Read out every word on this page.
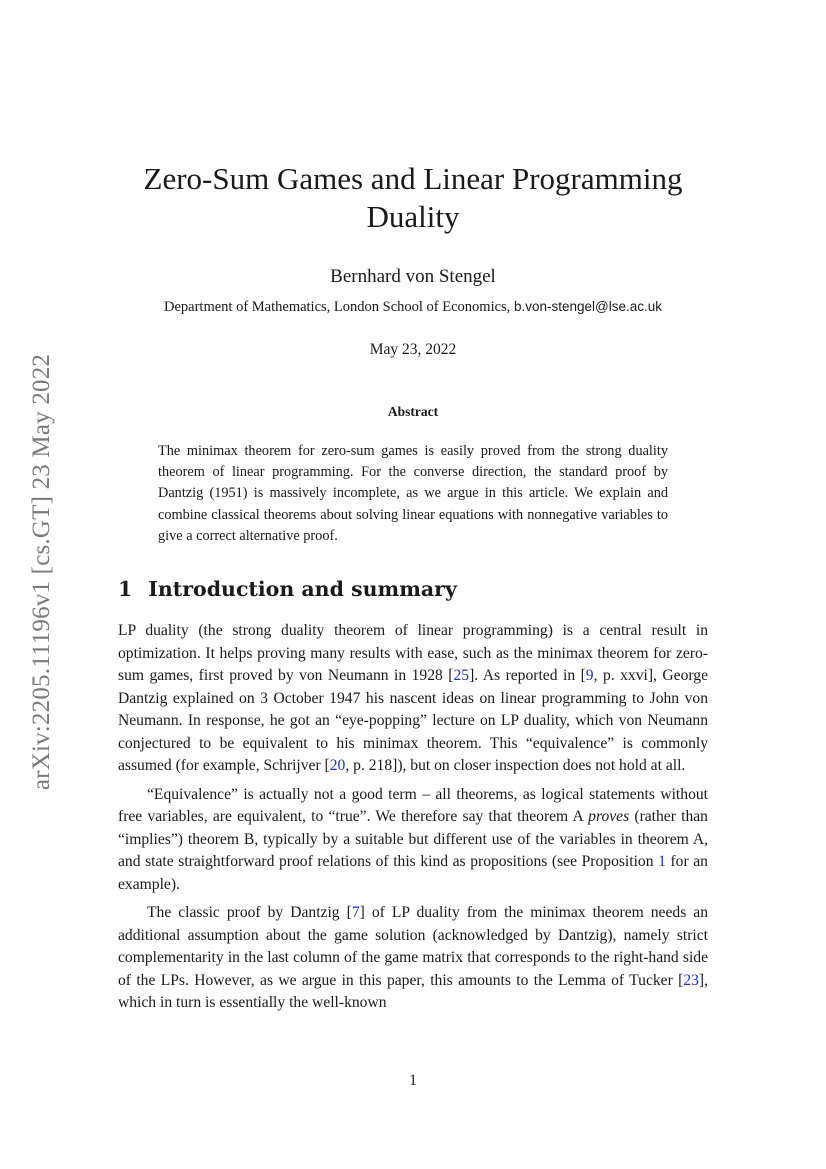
arXiv:2205.11196v1 [cs.GT] 23 May 2022
Zero-Sum Games and Linear Programming Duality
Bernhard von Stengel
Department of Mathematics, London School of Economics, b.von-stengel@lse.ac.uk
May 23, 2022
Abstract

The minimax theorem for zero-sum games is easily proved from the strong duality theorem of linear programming. For the converse direction, the standard proof by Dantzig (1951) is massively incomplete, as we argue in this article. We explain and combine classical theorems about solving linear equations with nonnegative variables to give a correct alternative proof.

1 Introduction and summary

LP duality (the strong duality theorem of linear programming) is a central result in optimization. It helps proving many results with ease, such as the minimax theorem for zero-sum games, first proved by von Neumann in 1928 [25]. As reported in [9, p. xxvi], George Dantzig explained on 3 October 1947 his nascent ideas on linear programming to John von Neumann. In response, he got an “eye-popping” lecture on LP duality, which von Neumann conjectured to be equivalent to his minimax theorem. This “equivalence” is commonly assumed (for example, Schrijver [20, p. 218]), but on closer inspection does not hold at all.

“Equivalence” is actually not a good term – all theorems, as logical statements without free variables, are equivalent, to “true”. We therefore say that theorem A proves (rather than “implies”) theorem B, typically by a suitable but different use of the variables in theorem A, and state straightforward proof relations of this kind as propositions (see Proposition 1 for an example).

The classic proof by Dantzig [7] of LP duality from the minimax theorem needs an additional assumption about the game solution (acknowledged by Dantzig), namely strict complementarity in the last column of the game matrix that corresponds to the right-hand side of the LPs. However, as we argue in this paper, this amounts to the Lemma of Tucker [23], which in turn is essentially the well-known

1
